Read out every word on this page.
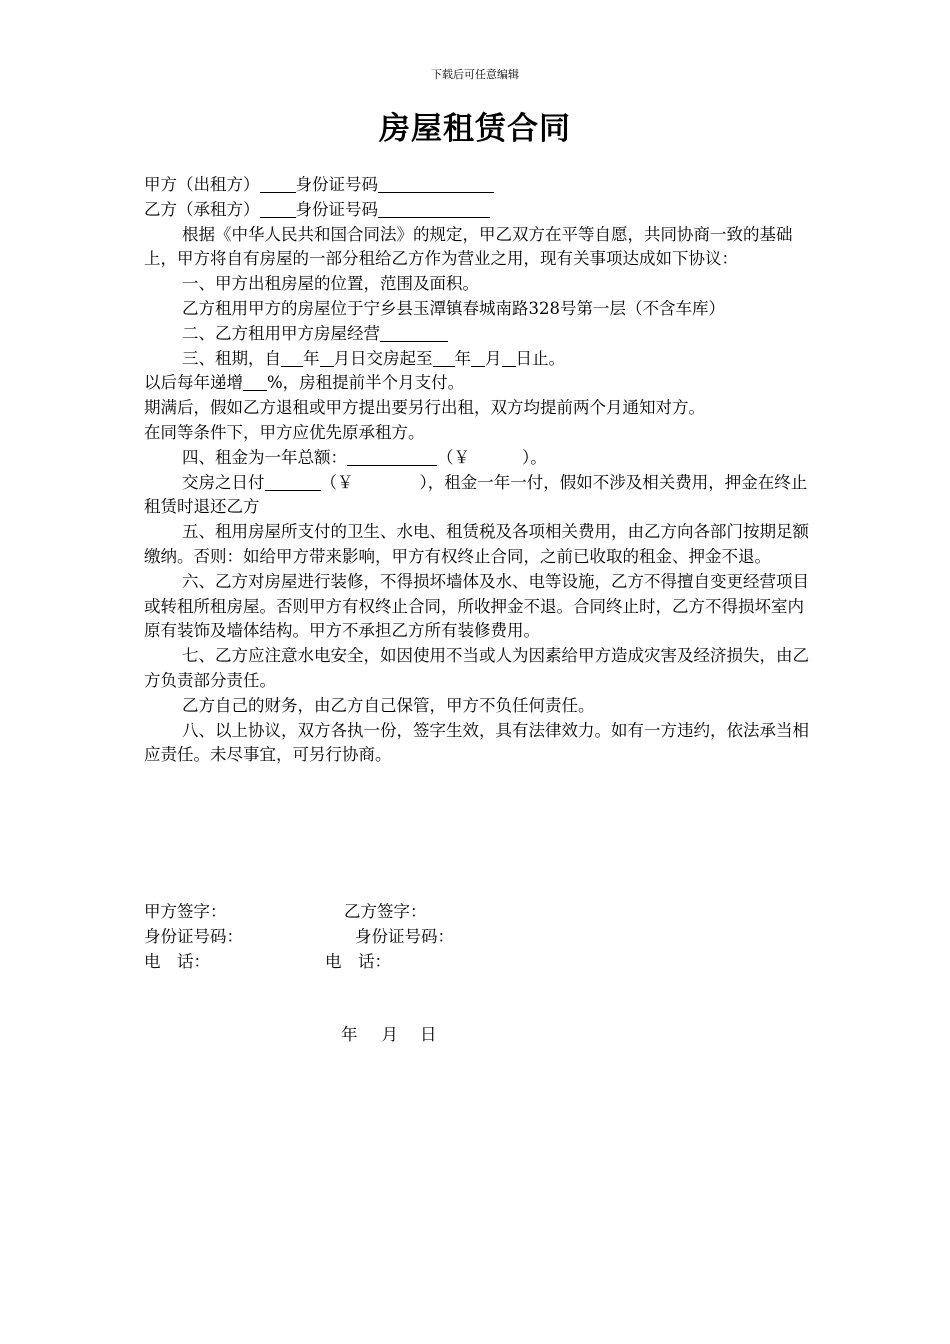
下载后可任意编辑
房屋租赁合同

甲方（出租方） 身份证号码

乙方（承租方） 身份证号码

根据《中华人民共和国合同法》的规定，甲乙双方在平等自愿，共同协商一致的基础上，甲方将自有房屋的一部分租给乙方作为营业之用，现有关事项达成如下协议：

一、甲方出租房屋的位置，范围及面积。

乙方租用甲方的房屋位于宁乡县玉潭镇春城南路328号第一层（不含车库）

二、乙方租用甲方房屋经营

三、租期，自 年 月日交房起至 年 月 日止。

以后每年递增 %，房租提前半个月支付。

期满后，假如乙方退租或甲方提出要另行出租，双方均提前两个月通知对方。

在同等条件下，甲方应优先原承租方。

四、租金为一年总额：	（￥	）。

交房之日付	（￥	），租金一年一付，假如不涉及相关费用，押金在终止租赁时退还乙方

五、租用房屋所支付的卫生、水电、租赁税及各项相关费用，由乙方向各部门按期足额缴纳。否则：如给甲方带来影响，甲方有权终止合同，之前已收取的租金、押金不退。

六、乙方对房屋进行装修，不得损坏墙体及水、电等设施，乙方不得擅自变更经营项目或转租所租房屋。否则甲方有权终止合同，所收押金不退。合同终止时，乙方不得损坏室内原有装饰及墙体结构。甲方不承担乙方所有装修费用。

七、乙方应注意水电安全，如因使用不当或人为因素给甲方造成灾害及经济损失，由乙方负责部分责任。

乙方自己的财务，由乙方自己保管，甲方不负任何责任。

八、以上协议，双方各执一份，签字生效，具有法律效力。如有一方违约，依法承当相应责任。未尽事宜，可另行协商。

甲方签字：	乙方签字：
身份证号码：	身份证号码：
电　话：	电　话：
年 月 日
